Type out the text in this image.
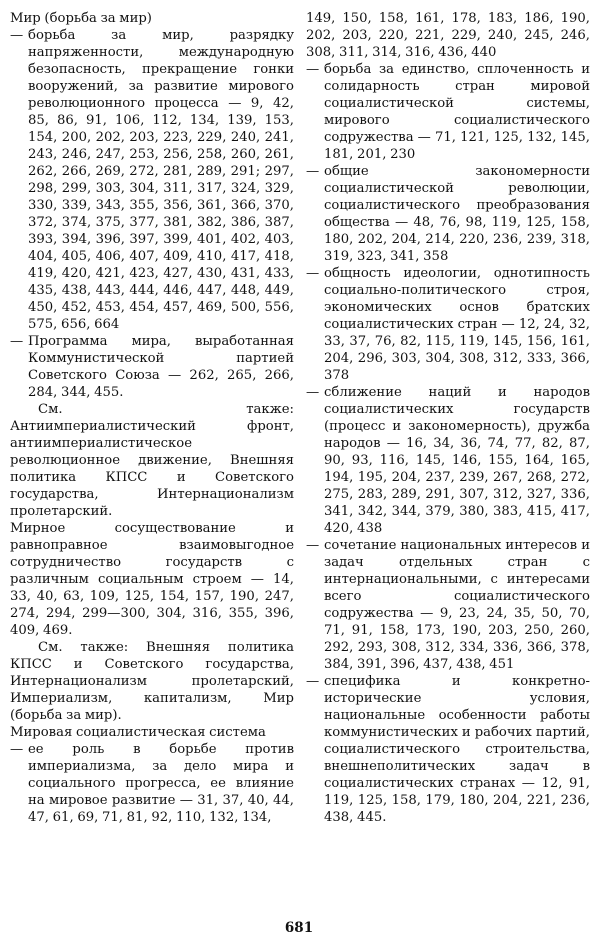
Мир (борьба за мир)
— борьба за мир, разрядку напряженности, международную безопасность, прекращение гонки вооружений, за развитие мирового революционного процесса — 9, 42, 85, 86, 91, 106, 112, 134, 139, 153, 154, 200, 202, 203, 223, 229, 240, 241, 243, 246, 247, 253, 256, 258, 260, 261, 262, 266, 269, 272, 281, 289, 291; 297, 298, 299, 303, 304, 311, 317, 324, 329, 330, 339, 343, 355, 356, 361, 366, 370, 372, 374, 375, 377, 381, 382, 386, 387, 393, 394, 396, 397, 399, 401, 402, 403, 404, 405, 406, 407, 409, 410, 417, 418, 419, 420, 421, 423, 427, 430, 431, 433, 435, 438, 443, 444, 446, 447, 448, 449, 450, 452, 453, 454, 457, 469, 500, 556, 575, 656, 664
— Программа мира, выработанная Коммунистической партией Советского Союза — 262, 265, 266, 284, 344, 455.
См. также: Антиимпериалистический фронт, антиимпериалистическое революционное движение, Внешняя политика КПСС и Советского государства, Интернационализм пролетарский.
Мирное сосуществование и равноправное взаимовыгодное сотрудничество государств с различным социальным строем — 14, 33, 40, 63, 109, 125, 154, 157, 190, 247, 274, 294, 299—300, 304, 316, 355, 396, 409, 469.
См. также: Внешняя политика КПСС и Советского государства, Интернационализм пролетарский, Империализм, капитализм, Мир (борьба за мир).
Мировая социалистическая система
— ее роль в борьбе против империализма, за дело мира и социального прогресса, ее влияние на мировое развитие — 31, 37, 40, 44, 47, 61, 69, 71, 81, 92, 110, 132, 134,
149, 150, 158, 161, 178, 183, 186, 190, 202, 203, 220, 221, 229, 240, 245, 246, 308, 311, 314, 316, 436, 440
— борьба за единство, сплоченность и солидарность стран мировой социалистической системы, мирового социалистического содружества — 71, 121, 125, 132, 145, 181, 201, 230
— общие закономерности социалистической революции, социалистического преобразования общества — 48, 76, 98, 119, 125, 158, 180, 202, 204, 214, 220, 236, 239, 318, 319, 323, 341, 358
— общность идеологии, однотипность социально-политического строя, экономических основ братских социалистических стран — 12, 24, 32, 33, 37, 76, 82, 115, 119, 145, 156, 161, 204, 296, 303, 304, 308, 312, 333, 366, 378
— сближение наций и народов социалистических государств (процесс и закономерность), дружба народов — 16, 34, 36, 74, 77, 82, 87, 90, 93, 116, 145, 146, 155, 164, 165, 194, 195, 204, 237, 239, 267, 268, 272, 275, 283, 289, 291, 307, 312, 327, 336, 341, 342, 344, 379, 380, 383, 415, 417, 420, 438
— сочетание национальных интересов и задач отдельных стран с интернациональными, с интересами всего социалистического содружества — 9, 23, 24, 35, 50, 70, 71, 91, 158, 173, 190, 203, 250, 260, 292, 293, 308, 312, 334, 336, 366, 378, 384, 391, 396, 437, 438, 451
— специфика и конкретно-исторические условия, национальные особенности работы коммунистических и рабочих партий, социалистического строительства, внешнеполитических задач в социалистических странах — 12, 91, 119, 125, 158, 179, 180, 204, 221, 236, 438, 445.
681
